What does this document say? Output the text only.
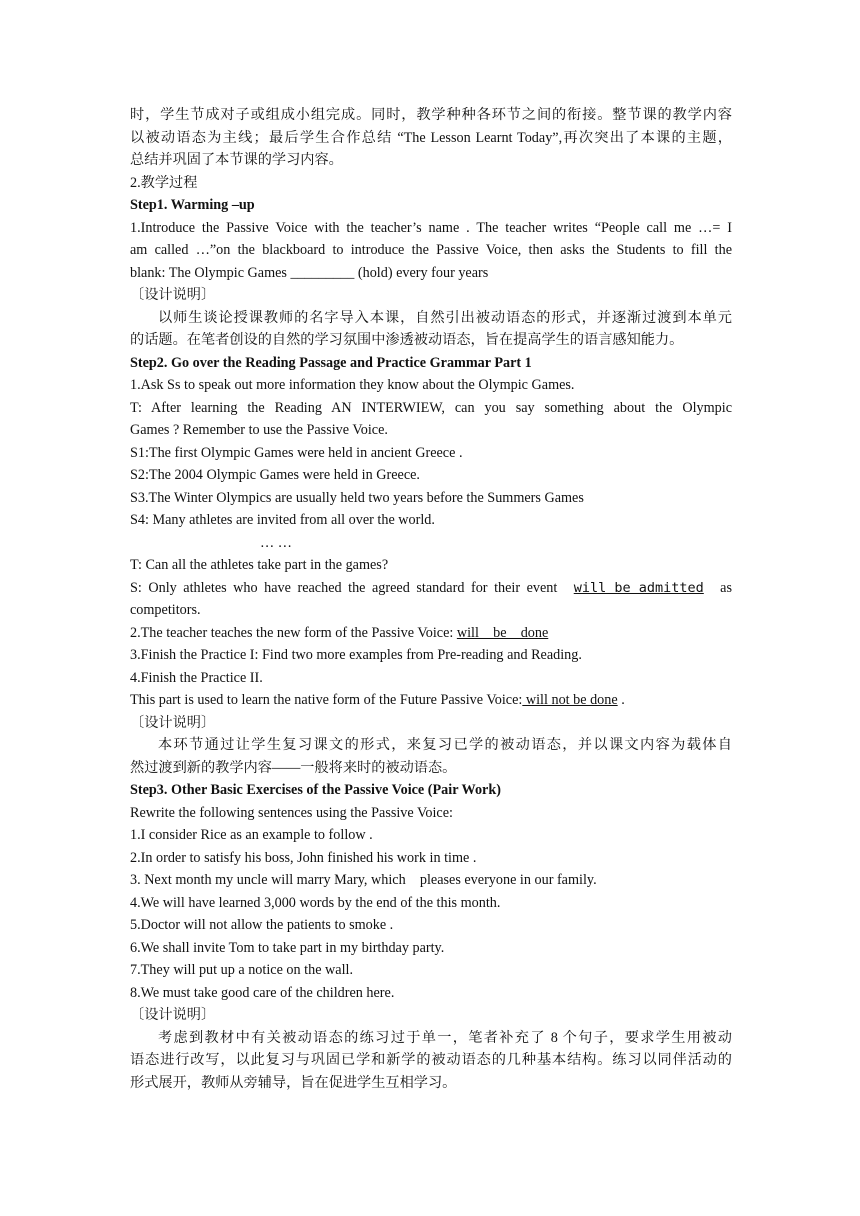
时，学生节成对子或组成小组完成。同时，教学种种各环节之间的衔接。整节课的教学内容
以被动语态为主线；最后学生合作总结 “The Lesson Learnt Today”,再次突出了本课的主题，
总结并巩固了本节课的学习内容。
2.教学过程
Step1. Warming –up
1.Introduce the Passive Voice with the teacher’s name . The teacher writes “People call me …= I
am called …”on the blackboard to introduce the Passive Voice, then asks the Students to fill the
blank: The Olympic Games _________ (hold) every four years
〔设计说明〕
以师生谈论授课教师的名字导入本课，自然引出被动语态的形式，并逐渐过渡到本单元
的话题。在笔者创设的自然的学习氛围中渗透被动语态，旨在提高学生的语言感知能力。
Step2. Go over the Reading Passage and Practice Grammar Part 1
1.Ask Ss to speak out more information they know about the Olympic Games.
T: After learning the Reading AN INTERWIEW, can you say something about the Olympic
Games ? Remember to use the Passive Voice.
S1:The first Olympic Games were held in ancient Greece .
S2:The 2004 Olympic Games were held in Greece.
S3.The Winter Olympics are usually held two years before the Summers Games
S4: Many athletes are invited from all over the world.
… …
T: Can all the athletes take part in the games?
S: Only athletes who have reached the agreed standard for their event will be admitted as
competitors.
2.The teacher teaches the new form of the Passive Voice: will    be    done
3.Finish the Practice I: Find two more examples from Pre-reading and Reading.
4.Finish the Practice II.
This part is used to learn the native form of the Future Passive Voice: will not be done .
〔设计说明〕
本环节通过让学生复习课文的形式，来复习已学的被动语态，并以课文内容为载体自
然过渡到新的教学内容——一般将来时的被动语态。
Step3. Other Basic Exercises of the Passive Voice (Pair Work)
Rewrite the following sentences using the Passive Voice:
1.I consider Rice as an example to follow .
2.In order to satisfy his boss, John finished his work in time .
3. Next month my uncle will marry Mary, which    pleases everyone in our family.
4.We will have learned 3,000 words by the end of the this month.
5.Doctor will not allow the patients to smoke .
6.We shall invite Tom to take part in my birthday party.
7.They will put up a notice on the wall.
8.We must take good care of the children here.
〔设计说明〕
考虑到教材中有关被动语态的练习过于单一，笔者补充了 8 个句子，要求学生用被动
语态进行改写，以此复习与巩固已学和新学的被动语态的几种基本结构。练习以同伴活动的
形式展开，教师从旁辅导，旨在促进学生互相学习。
